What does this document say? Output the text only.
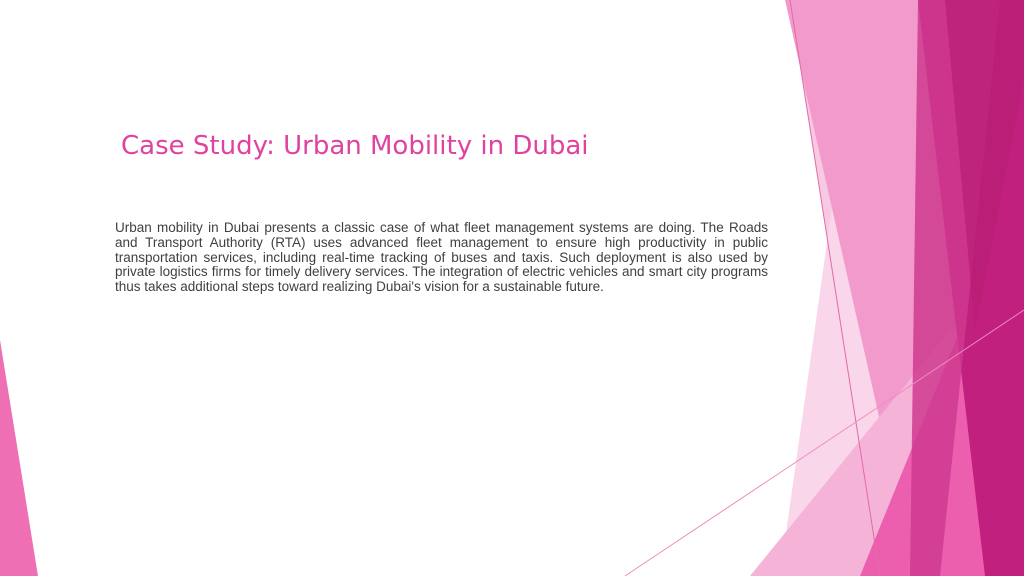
Case Study: Urban Mobility in Dubai

Urban mobility in Dubai presents a classic case of what fleet management systems are doing. The Roads and Transport Authority (RTA) uses advanced fleet management to ensure high productivity in public transportation services, including real-time tracking of buses and taxis. Such deployment is also used by private logistics firms for timely delivery services. The integration of electric vehicles and smart city programs thus takes additional steps toward realizing Dubai's vision for a sustainable future.
